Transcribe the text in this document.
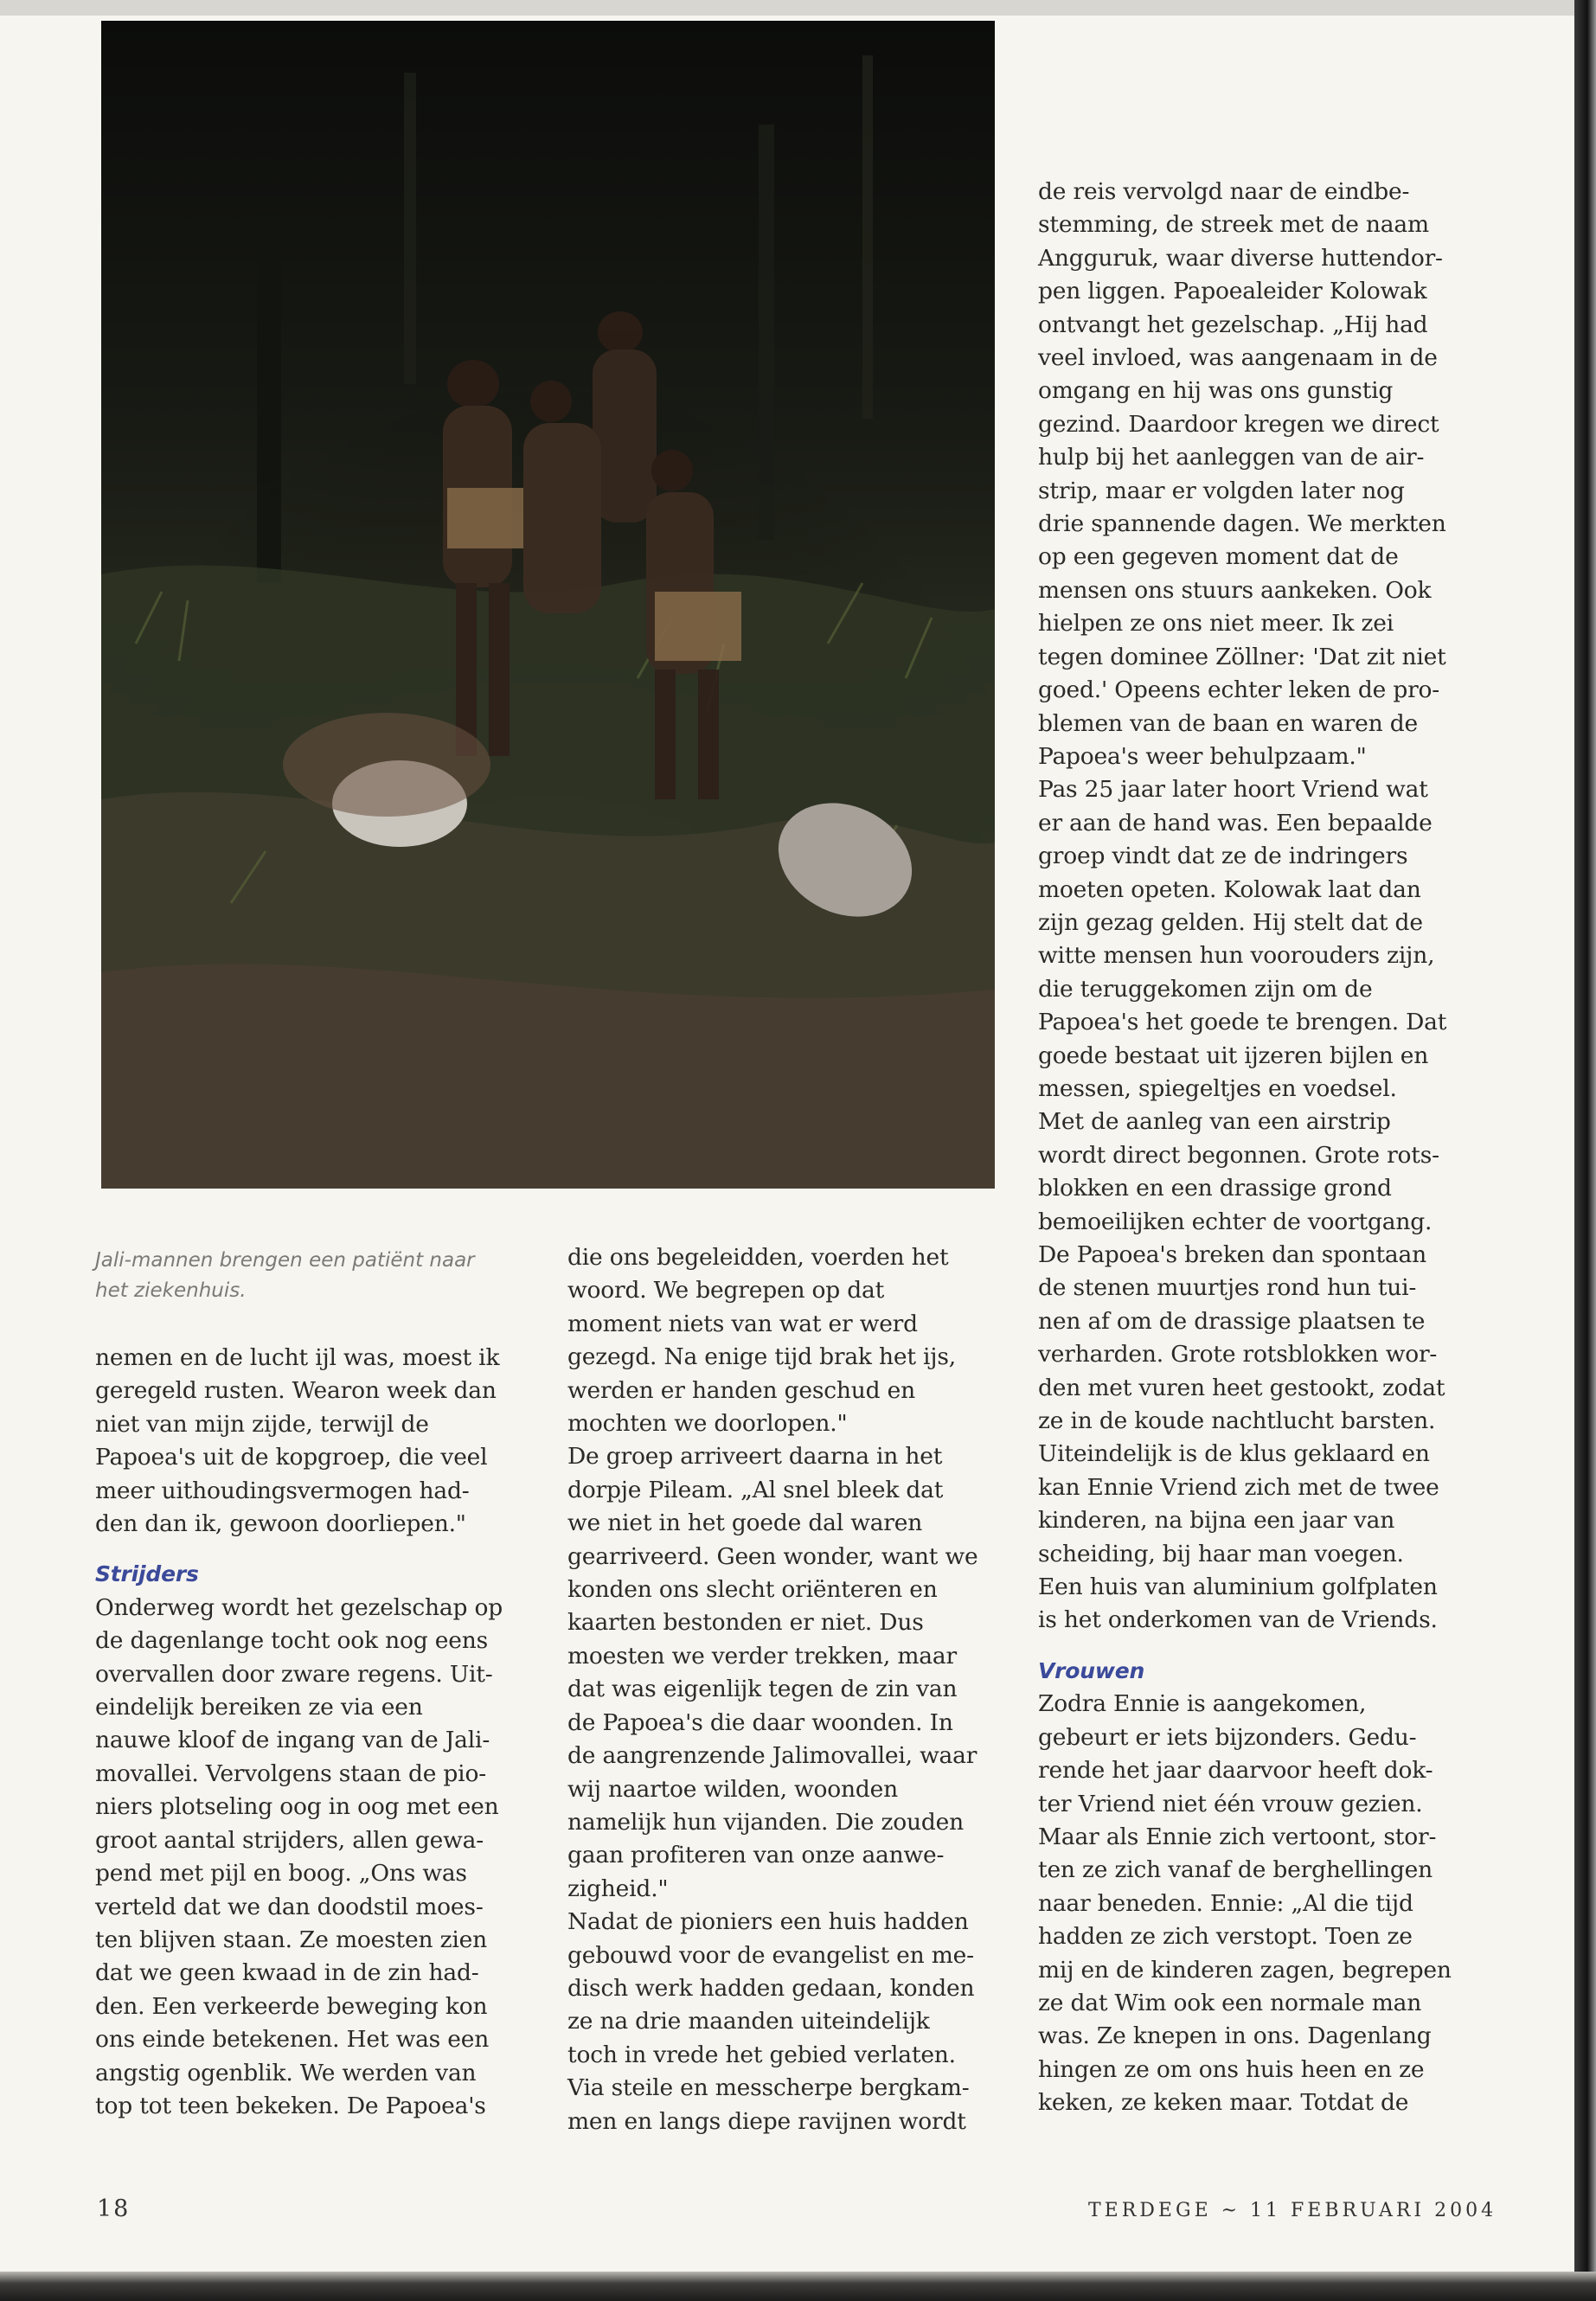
Jali-mannen brengen een patiënt naar
het ziekenhuis.
nemen en de lucht ijl was, moest ik
geregeld rusten. Wearon week dan
niet van mijn zijde, terwijl de
Papoea's uit de kopgroep, die veel
meer uithoudingsvermogen had-
den dan ik, gewoon doorliepen."
Strijders
Onderweg wordt het gezelschap op
de dagenlange tocht ook nog eens
overvallen door zware regens. Uit-
eindelijk bereiken ze via een
nauwe kloof de ingang van de Jali-
movallei. Vervolgens staan de pio-
niers plotseling oog in oog met een
groot aantal strijders, allen gewa-
pend met pijl en boog. „Ons was
verteld dat we dan doodstil moes-
ten blijven staan. Ze moesten zien
dat we geen kwaad in de zin had-
den. Een verkeerde beweging kon
ons einde betekenen. Het was een
angstig ogenblik. We werden van
top tot teen bekeken. De Papoea's
die ons begeleidden, voerden het
woord. We begrepen op dat
moment niets van wat er werd
gezegd. Na enige tijd brak het ijs,
werden er handen geschud en
mochten we doorlopen."
De groep arriveert daarna in het
dorpje Pileam. „Al snel bleek dat
we niet in het goede dal waren
gearriveerd. Geen wonder, want we
konden ons slecht oriënteren en
kaarten bestonden er niet. Dus
moesten we verder trekken, maar
dat was eigenlijk tegen de zin van
de Papoea's die daar woonden. In
de aangrenzende Jalimovallei, waar
wij naartoe wilden, woonden
namelijk hun vijanden. Die zouden
gaan profiteren van onze aanwe-
zigheid."
Nadat de pioniers een huis hadden
gebouwd voor de evangelist en me-
disch werk hadden gedaan, konden
ze na drie maanden uiteindelijk
toch in vrede het gebied verlaten.
Via steile en messcherpe bergkam-
men en langs diepe ravijnen wordt
de reis vervolgd naar de eindbe-
stemming, de streek met de naam
Angguruk, waar diverse huttendor-
pen liggen. Papoealeider Kolowak
ontvangt het gezelschap. „Hij had
veel invloed, was aangenaam in de
omgang en hij was ons gunstig
gezind. Daardoor kregen we direct
hulp bij het aanleggen van de air-
strip, maar er volgden later nog
drie spannende dagen. We merkten
op een gegeven moment dat de
mensen ons stuurs aankeken. Ook
hielpen ze ons niet meer. Ik zei
tegen dominee Zöllner: 'Dat zit niet
goed.' Opeens echter leken de pro-
blemen van de baan en waren de
Papoea's weer behulpzaam."
Pas 25 jaar later hoort Vriend wat
er aan de hand was. Een bepaalde
groep vindt dat ze de indringers
moeten opeten. Kolowak laat dan
zijn gezag gelden. Hij stelt dat de
witte mensen hun voorouders zijn,
die teruggekomen zijn om de
Papoea's het goede te brengen. Dat
goede bestaat uit ijzeren bijlen en
messen, spiegeltjes en voedsel.
Met de aanleg van een airstrip
wordt direct begonnen. Grote rots-
blokken en een drassige grond
bemoeilijken echter de voortgang.
De Papoea's breken dan spontaan
de stenen muurtjes rond hun tui-
nen af om de drassige plaatsen te
verharden. Grote rotsblokken wor-
den met vuren heet gestookt, zodat
ze in de koude nachtlucht barsten.
Uiteindelijk is de klus geklaard en
kan Ennie Vriend zich met de twee
kinderen, na bijna een jaar van
scheiding, bij haar man voegen.
Een huis van aluminium golfplaten
is het onderkomen van de Vriends.
Vrouwen
Zodra Ennie is aangekomen,
gebeurt er iets bijzonders. Gedu-
rende het jaar daarvoor heeft dok-
ter Vriend niet één vrouw gezien.
Maar als Ennie zich vertoont, stor-
ten ze zich vanaf de berghellingen
naar beneden. Ennie: „Al die tijd
hadden ze zich verstopt. Toen ze
mij en de kinderen zagen, begrepen
ze dat Wim ook een normale man
was. Ze knepen in ons. Dagenlang
hingen ze om ons huis heen en ze
keken, ze keken maar. Totdat de
18	TERDEGE ~ 11 FEBRUARI 2004
